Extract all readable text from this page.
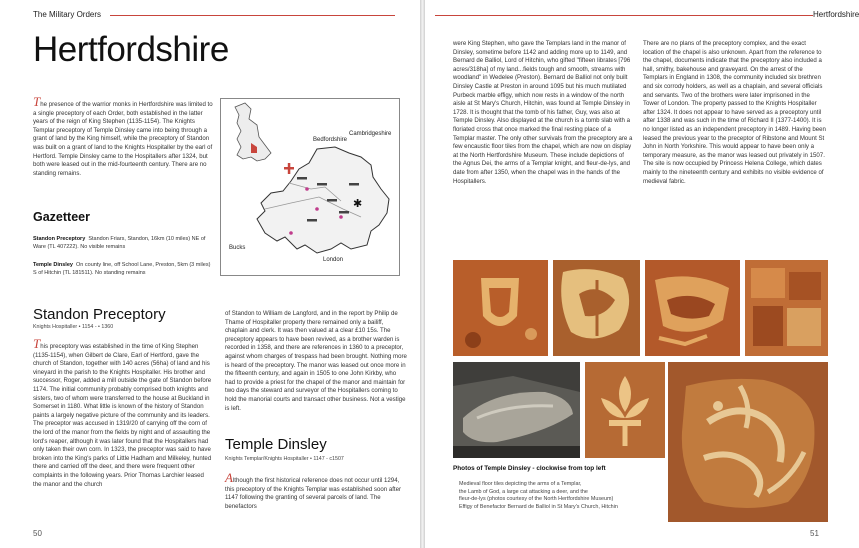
The Military Orders
Hertfordshire
The presence of the warrior monks in Hertfordshire was limited to a single preceptory of each Order, both established in the latter years of the reign of King Stephen (1135-1154). The Knights Templar preceptory of Temple Dinsley came into being through a grant of land by the King himself, while the preceptory of Standon was built on a grant of land to the Knights Hospitaller by the earl of Hertford. Temple Dinsley came to the Hospitallers after 1324, but both were leased out in the mid-fourteenth century. There are no standing remains.
Bedfordshire
Cambridgeshire
Bucks
London
✱
Gazetteer
Standon Preceptory Standon Friars, Standon, 16km (10 miles) NE of Ware (TL 407222). No visible remains
Temple Dinsley On county line, off School Lane, Preston, 5km (3 miles) S of Hitchin (TL 181511). No standing remains
Standon Preceptory
Knights Hospitaller • 1154 - • 1360
This preceptory was established in the time of King Stephen (1135-1154), when Gilbert de Clare, Earl of Hertford, gave the church of Standon, together with 140 acres (56ha) of land and his vineyard in the parish to the Knights Hospitaller. His brother and successor, Roger, added a mill outside the gate of Standon before 1174. The initial community probably comprised both knights and sisters, two of whom were transferred to the house at Buckland in Somerset in 1180. What little is known of the history of Standon paints a largely negative picture of the community and its leaders. The preceptor was accused in 1319/20 of carrying off the corn of the lord of the manor from the fields by night and of assaulting the lord's reaper, although it was later found that the Hospitallers had only taken their own corn. In 1323, the preceptor was said to have broken into the King's parks of Little Hadham and Milkeley, hunted there and carried off the deer, and there were frequent other complaints in the following years. Prior Thomas Larchier leased the manor and the church
of Standon to William de Langford, and in the report by Philip de Thame of Hospitaller property there remained only a bailiff, chaplain and clerk. It was then valued at a clear £10 15s. The preceptory appears to have been revived, as a brother warden is recorded in 1358, and there are references in 1360 to a preceptor, against whom charges of trespass had been brought. Nothing more is heard of the preceptory. The manor was leased out once more in the fifteenth century, and again in 1505 to one John Kirkby, who had to provide a priest for the chapel of the manor and maintain for two days the steward and surveyor of the Hospitallers coming to hold the manorial courts and transact other business. Not a vestige is left.
Temple Dinsley
Knights Templar/Knights Hospitaller • 1147 - c1507
Although the first historical reference does not occur until 1294, this preceptory of the Knights Templar was established soon after 1147 following the granting of several parcels of land. The benefactors
50
Hertfordshire
were King Stephen, who gave the Templars land in the manor of Dinsley, sometime before 1142 and adding more up to 1149, and Bernard de Balliol, Lord of Hitchin, who gifted "fifteen librates [796 acres/318ha] of my land...fields tough and smooth, streams with woodland" in Wedelee (Preston). Bernard de Balliol not only built Dinsley Castle at Preston in around 1095 but his much mutilated Purbeck marble effigy, which now rests in a window of the north aisle at St Mary's Church, Hitchin, was found at Temple Dinsley in 1728. It is thought that the tomb of his father, Guy, was also at Temple Dinsley. Also displayed at the church is a tomb slab with a floriated cross that once marked the final resting place of a Templar master. The only other survivals from the preceptory are a few encaustic floor tiles from the chapel, which are now on display at the North Hertfordshire Museum. These include depictions of the Agnus Dei, the arms of a Templar knight, and fleur-de-lys, and date from after 1350, when the chapel was in the hands of the Hospitallers.
There are no plans of the preceptory complex, and the exact location of the chapel is also unknown. Apart from the reference to the chapel, documents indicate that the preceptory also included a hall, smithy, bakehouse and graveyard. On the arrest of the Templars in England in 1308, the community included six brethren and six corrody holders, as well as a chaplain, and several officials and servants. Two of the brothers were later imprisoned in the Tower of London. The property passed to the Knights Hospitaller after 1324. It does not appear to have served as a preceptory until after 1338 and was such in the time of Richard II (1377-1400). It is no longer listed as an independent preceptory in 1489. Having been leased the previous year to the preceptor of Ribstone and Mount St John in North Yorkshire. This would appear to have been only a temporary measure, as the manor was leased out privately in 1507. The site is now occupied by Princess Helena College, which dates mainly to the nineteenth century and exhibits no visible evidence of medieval fabric.
Photos of Temple Dinsley - clockwise from top left
Medieval floor tiles depicting the arms of a Templar,
the Lamb of God, a large cat attacking a deer, and the
fleur-de-lys (photos courtesy of the North Hertfordshire Museum)
Effigy of Benefactor Bernard de Balliol in St Mary's Church, Hitchin
51
